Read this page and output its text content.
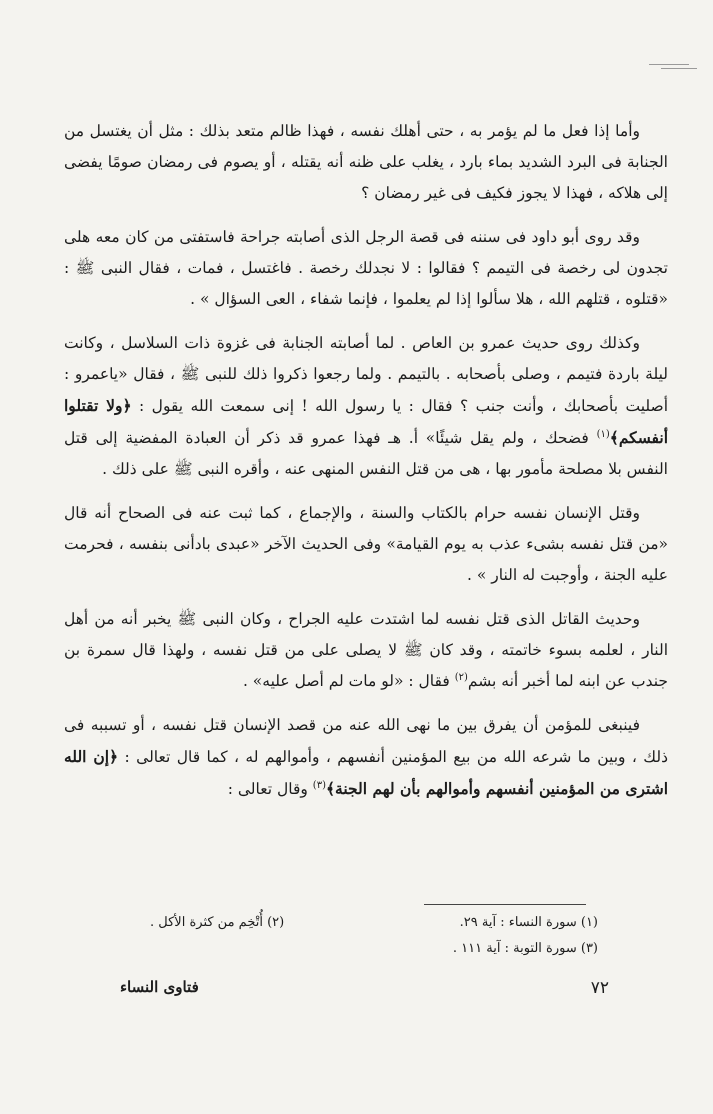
وأما إذا فعل ما لم يؤمر به ، حتى أهلك نفسه ، فهذا ظالم متعد بذلك : مثل أن يغتسل من الجنابة فى البرد الشديد بماء بارد ، يغلب على ظنه أنه يقتله ، أو يصوم فى رمضان صومًا يفضى إلى هلاكه ، فهذا لا يجوز فكيف فى غير رمضان ؟

وقد روى أبو داود فى سننه فى قصة الرجل الذى أصابته جراحة فاستفتى من كان معه هلى تجدون لى رخصة فى التيمم ؟ فقالوا : لا نجدلك رخصة . فاغتسل ، فمات ، فقال النبى ﷺ : «قتلوه ، قتلهم الله ، هلا سألوا إذا لم يعلموا ، فإنما شفاء ، العى السؤال » .

وكذلك روى حديث عمرو بن العاص . لما أصابته الجنابة فى غزوة ذات السلاسل ، وكانت ليلة باردة فتيمم ، وصلى بأصحابه . بالتيمم . ولما رجعوا ذكروا ذلك للنبى ﷺ ، فقال «ياعمرو : أصليت بأصحابك ، وأنت جنب ؟ فقال : يا رسول الله ! إنى سمعت الله يقول : ﴿ولا تقتلوا أنفسكم﴾$^{(١)}$ فضحك ، ولم يقل شيئًا» أ. هـ فهذا عمرو قد ذكر أن العبادة المفضية إلى قتل النفس بلا مصلحة مأمور بها ، هى من قتل النفس المنهى عنه ، وأقره النبى ﷺ على ذلك .

وقتل الإنسان نفسه حرام بالكتاب والسنة ، والإجماع ، كما ثبت عنه فى الصحاح أنه قال «من قتل نفسه بشىء عذب به يوم القيامة» وفى الحديث الآخر «عبدى بادأنى بنفسه ، فحرمت عليه الجنة ، وأوجبت له النار » .

وحديث القاتل الذى قتل نفسه لما اشتدت عليه الجراح ، وكان النبى ﷺ يخبر أنه من أهل النار ، لعلمه بسوء خاتمته ، وقد كان ﷺ لا يصلى على من قتل نفسه ، ولهذا قال سمرة بن جندب عن ابنه لما أخبر أنه بشم$^{(٢)}$ فقال : «لو مات لم أصل عليه» .

فينبغى للمؤمن أن يفرق بين ما نهى الله عنه من قصد الإنسان قتل نفسه ، أو تسببه فى ذلك ، وبين ما شرعه الله من بيع المؤمنين أنفسهم ، وأموالهم له ، كما قال تعالى : ﴿إن الله اشترى من المؤمنين أنفسهم وأموالهم بأن لهم الجنة﴾$^{(٣)}$ وقال تعالى :

(١) سورة النساء : آية ٢٩.
(٢) أُتْخِم من كثرة الأكل .
(٣) سورة التوبة : آية ١١١ .
٧٢
فتاوى النساء
